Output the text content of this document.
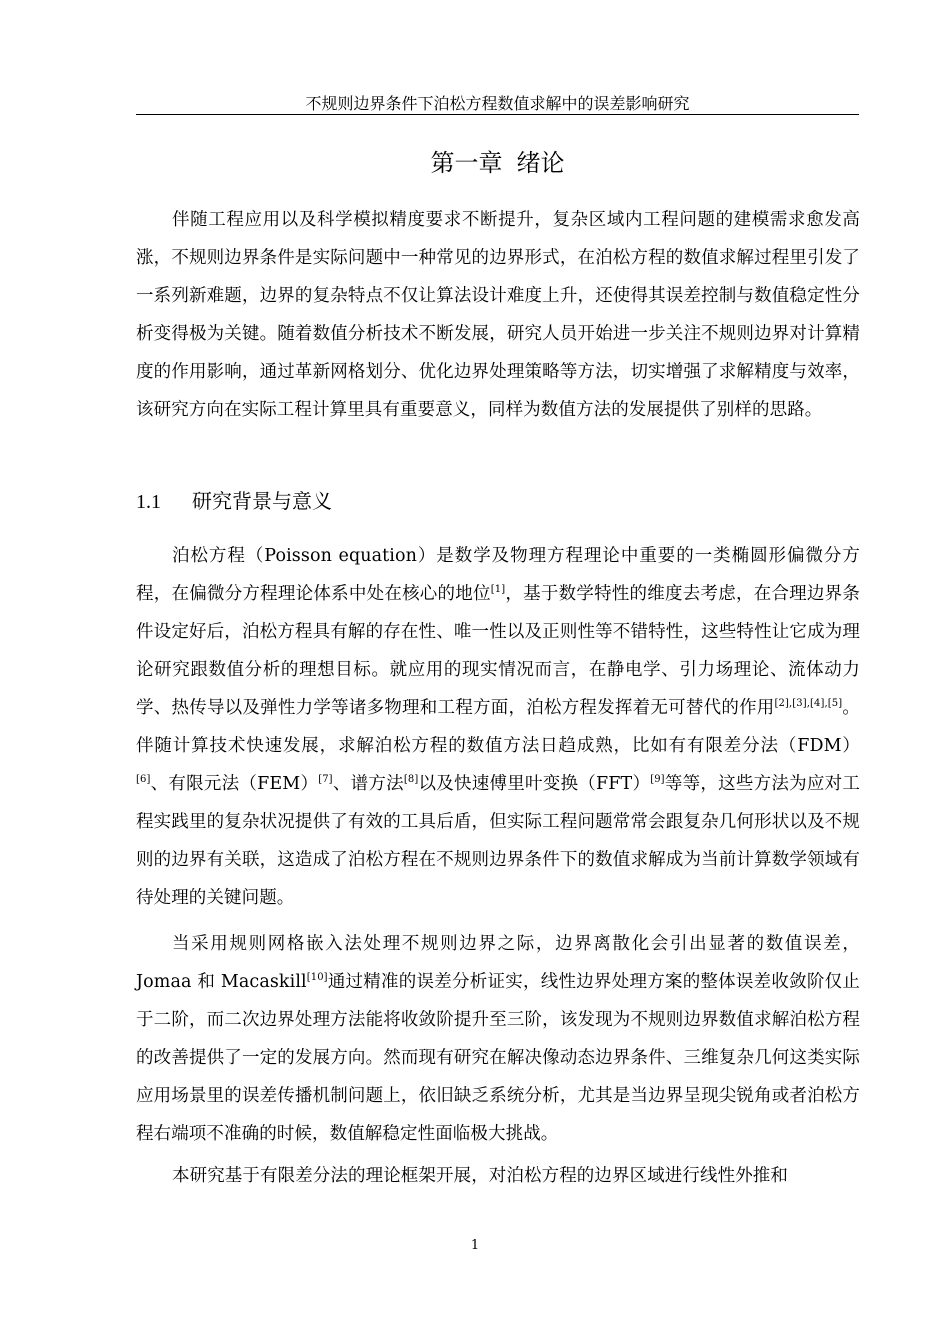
不规则边界条件下泊松方程数值求解中的误差影响研究
第一章 绪论

伴随工程应用以及科学模拟精度要求不断提升，复杂区域内工程问题的建模需求愈发高涨，不规则边界条件是实际问题中一种常见的边界形式，在泊松方程的数值求解过程里引发了一系列新难题，边界的复杂特点不仅让算法设计难度上升，还使得其误差控制与数值稳定性分析变得极为关键。随着数值分析技术不断发展，研究人员开始进一步关注不规则边界对计算精度的作用影响，通过革新网格划分、优化边界处理策略等方法，切实增强了求解精度与效率，该研究方向在实际工程计算里具有重要意义，同样为数值方法的发展提供了别样的思路。

1.1 研究背景与意义

泊松方程（Poisson equation）是数学及物理方程理论中重要的一类椭圆形偏微分方程，在偏微分方程理论体系中处在核心的地位[1]，基于数学特性的维度去考虑，在合理边界条件设定好后，泊松方程具有解的存在性、唯一性以及正则性等不错特性，这些特性让它成为理论研究跟数值分析的理想目标。就应用的现实情况而言，在静电学、引力场理论、流体动力学、热传导以及弹性力学等诸多物理和工程方面，泊松方程发挥着无可替代的作用[2],[3],[4],[5]。伴随计算技术快速发展，求解泊松方程的数值方法日趋成熟，比如有有限差分法（FDM）[6]、有限元法（FEM）[7]、谱方法[8]以及快速傅里叶变换（FFT）[9]等等，这些方法为应对工程实践里的复杂状况提供了有效的工具后盾，但实际工程问题常常会跟复杂几何形状以及不规则的边界有关联，这造成了泊松方程在不规则边界条件下的数值求解成为当前计算数学领域有待处理的关键问题。

当采用规则网格嵌入法处理不规则边界之际，边界离散化会引出显著的数值误差，Jomaa 和 Macaskill[10]通过精准的误差分析证实，线性边界处理方案的整体误差收敛阶仅止于二阶，而二次边界处理方法能将收敛阶提升至三阶，该发现为不规则边界数值求解泊松方程的改善提供了一定的发展方向。然而现有研究在解决像动态边界条件、三维复杂几何这类实际应用场景里的误差传播机制问题上，依旧缺乏系统分析，尤其是当边界呈现尖锐角或者泊松方程右端项不准确的时候，数值解稳定性面临极大挑战。

本研究基于有限差分法的理论框架开展，对泊松方程的边界区域进行线性外推和

1
